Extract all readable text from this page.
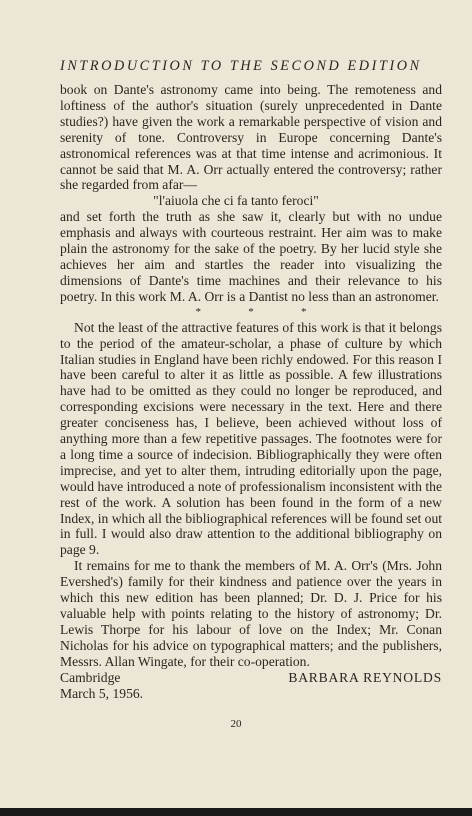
INTRODUCTION TO THE SECOND EDITION

book on Dante's astronomy came into being. The remoteness and loftiness of the author's situation (surely unprecedented in Dante studies?) have given the work a remarkable perspective of vision and serenity of tone. Controversy in Europe concerning Dante's astronomical references was at that time intense and acrimonious. It cannot be said that M. A. Orr actually entered the controversy; rather she regarded from afar—

"l'aiuola che ci fa tanto feroci"

and set forth the truth as she saw it, clearly but with no undue emphasis and always with courteous restraint. Her aim was to make plain the astronomy for the sake of the poetry. By her lucid style she achieves her aim and startles the reader into visualizing the dimensions of Dante's time machines and their relevance to his poetry. In this work M. A. Orr is a Dantist no less than an astronomer.

*	*	*

Not the least of the attractive features of this work is that it belongs to the period of the amateur-scholar, a phase of culture by which Italian studies in England have been richly endowed. For this reason I have been careful to alter it as little as possible. A few illustrations have had to be omitted as they could no longer be reproduced, and corresponding excisions were necessary in the text. Here and there greater conciseness has, I believe, been achieved without loss of anything more than a few repetitive passages. The footnotes were for a long time a source of indecision. Bibliographically they were often imprecise, and yet to alter them, intruding editorially upon the page, would have introduced a note of professionalism inconsistent with the rest of the work. A solution has been found in the form of a new Index, in which all the bibliographical references will be found set out in full. I would also draw attention to the additional bibliography on page 9.

It remains for me to thank the members of M. A. Orr's (Mrs. John Evershed's) family for their kindness and patience over the years in which this new edition has been planned; Dr. D. J. Price for his valuable help with points relating to the history of astronomy; Dr. Lewis Thorpe for his labour of love on the Index; Mr. Conan Nicholas for his advice on typographical matters; and the publishers, Messrs. Allan Wingate, for their co-operation.

Cambridge	BARBARA REYNOLDS

March 5, 1956.

20
